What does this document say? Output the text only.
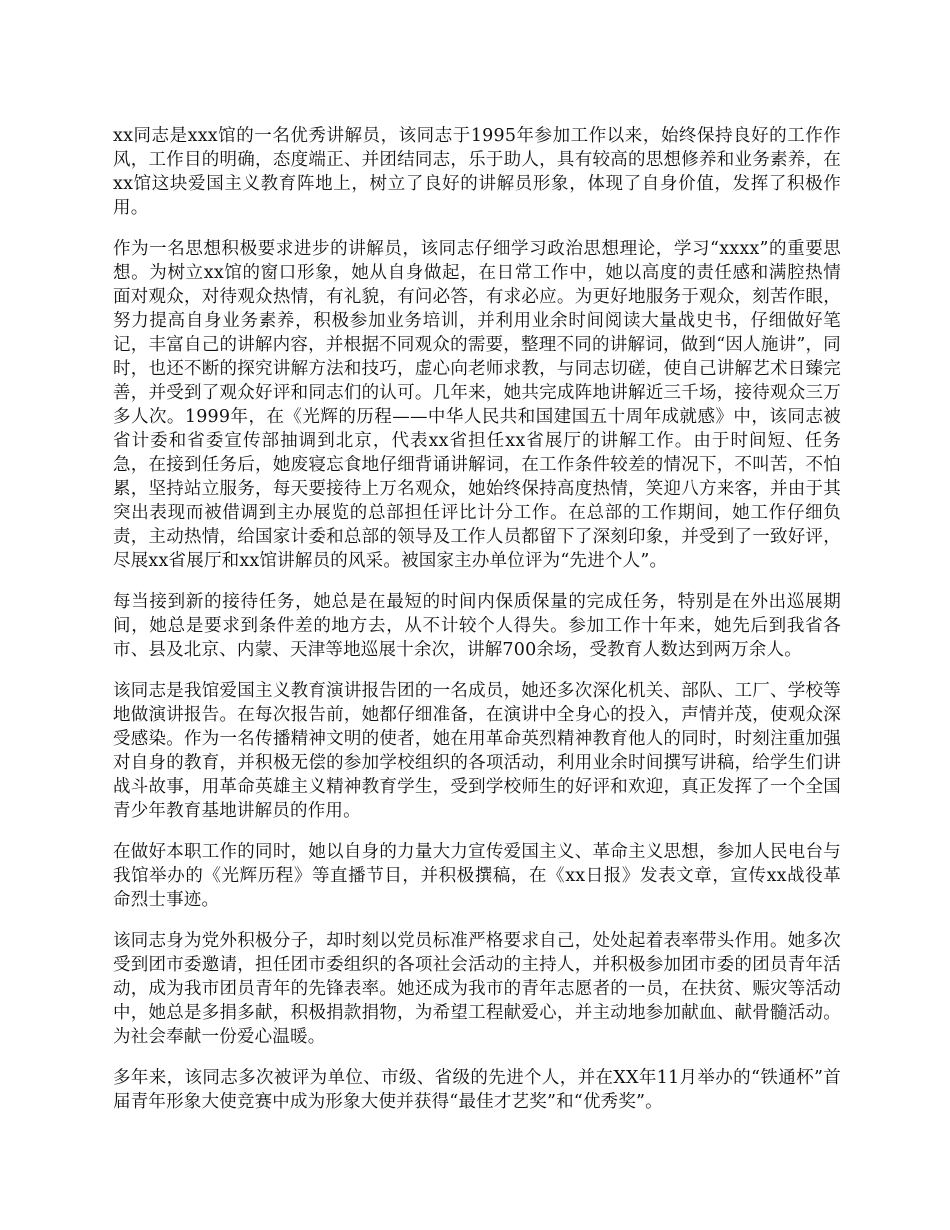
xx同志是xxx馆的一名优秀讲解员，该同志于1995年参加工作以来，始终保持良好的工作作风，工作目的明确，态度端正、并团结同志，乐于助人，具有较高的思想修养和业务素养，在xx馆这块爱国主义教育阵地上，树立了良好的讲解员形象，体现了自身价值，发挥了积极作用。

作为一名思想积极要求进步的讲解员，该同志仔细学习政治思想理论，学习“xxxx”的重要思想。为树立xx馆的窗口形象，她从自身做起，在日常工作中，她以高度的责任感和满腔热情面对观众，对待观众热情，有礼貌，有问必答，有求必应。为更好地服务于观众，刻苦作眼，努力提高自身业务素养，积极参加业务培训，并利用业余时间阅读大量战史书，仔细做好笔记，丰富自己的讲解内容，并根据不同观众的需要，整理不同的讲解词，做到“因人施讲”，同时，也还不断的探究讲解方法和技巧，虚心向老师求教，与同志切磋，使自己讲解艺术日臻完善，并受到了观众好评和同志们的认可。几年来，她共完成阵地讲解近三千场，接待观众三万多人次。1999年，在《光辉的历程——中华人民共和国建国五十周年成就感》中，该同志被省计委和省委宣传部抽调到北京，代表xx省担任xx省展厅的讲解工作。由于时间短、任务急，在接到任务后，她废寝忘食地仔细背诵讲解词，在工作条件较差的情况下，不叫苦，不怕累，坚持站立服务，每天要接待上万名观众，她始终保持高度热情，笑迎八方来客，并由于其突出表现而被借调到主办展览的总部担任评比计分工作。在总部的工作期间，她工作仔细负责，主动热情，给国家计委和总部的领导及工作人员都留下了深刻印象，并受到了一致好评，尽展xx省展厅和xx馆讲解员的风采。被国家主办单位评为“先进个人”。

每当接到新的接待任务，她总是在最短的时间内保质保量的完成任务，特别是在外出巡展期间，她总是要求到条件差的地方去，从不计较个人得失。参加工作十年来，她先后到我省各市、县及北京、内蒙、天津等地巡展十余次，讲解700余场，受教育人数达到两万余人。

该同志是我馆爱国主义教育演讲报告团的一名成员，她还多次深化机关、部队、工厂、学校等地做演讲报告。在每次报告前，她都仔细准备，在演讲中全身心的投入，声情并茂，使观众深受感染。作为一名传播精神文明的使者，她在用革命英烈精神教育他人的同时，时刻注重加强对自身的教育，并积极无偿的参加学校组织的各项活动，利用业余时间撰写讲稿，给学生们讲战斗故事，用革命英雄主义精神教育学生，受到学校师生的好评和欢迎，真正发挥了一个全国青少年教育基地讲解员的作用。

在做好本职工作的同时，她以自身的力量大力宣传爱国主义、革命主义思想，参加人民电台与我馆举办的《光辉历程》等直播节目，并积极撰稿，在《xx日报》发表文章，宣传xx战役革命烈士事迹。

该同志身为党外积极分子，却时刻以党员标准严格要求自己，处处起着表率带头作用。她多次受到团市委邀请，担任团市委组织的各项社会活动的主持人，并积极参加团市委的团员青年活动，成为我市团员青年的先锋表率。她还成为我市的青年志愿者的一员，在扶贫、赈灾等活动中，她总是多捐多献，积极捐款捐物，为希望工程献爱心，并主动地参加献血、献骨髓活动。为社会奉献一份爱心温暖。

多年来，该同志多次被评为单位、市级、省级的先进个人，并在XX年11月举办的“铁通杯”首届青年形象大使竞赛中成为形象大使并获得“最佳才艺奖”和“优秀奖”。
